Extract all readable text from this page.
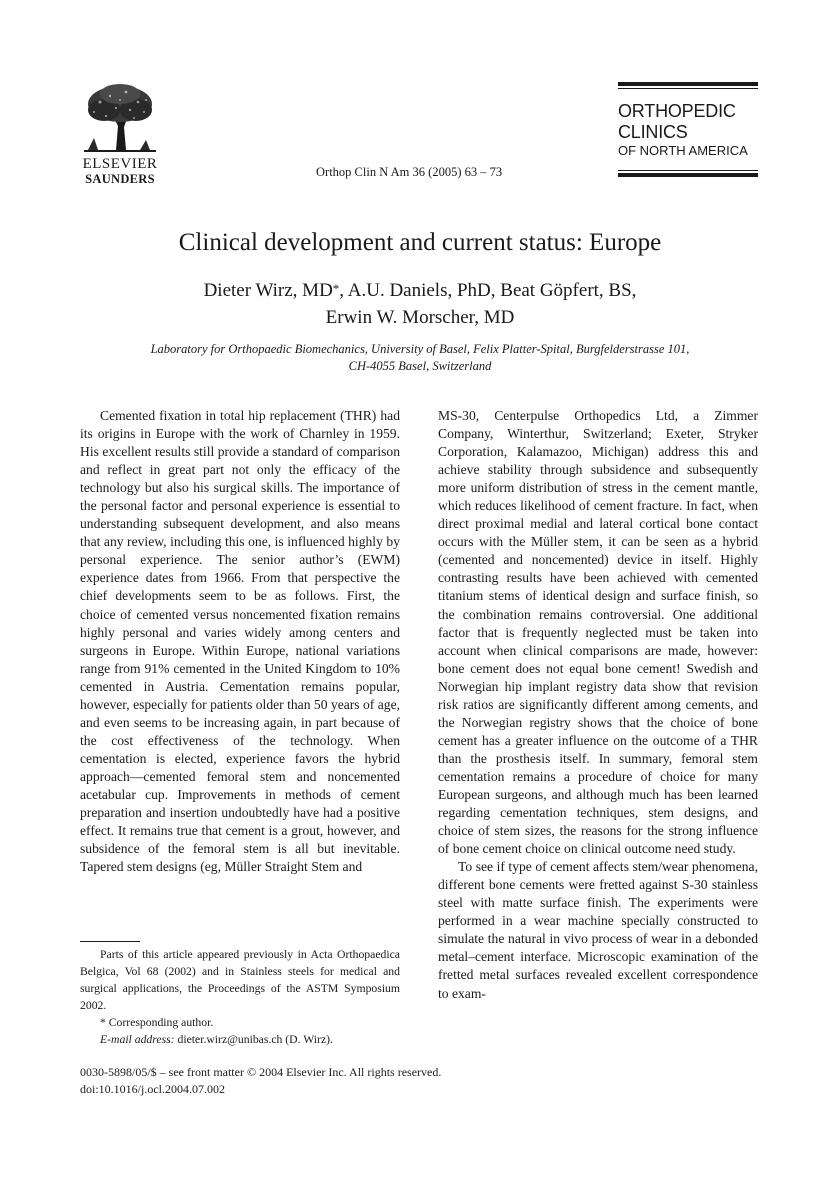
ELSEVIER
SAUNDERS	Orthop Clin N Am 36 (2005) 63 – 73
ORTHOPEDIC
CLINICS
OF NORTH AMERICA
Clinical development and current status: Europe
Dieter Wirz, MD*, A.U. Daniels, PhD, Beat Göpfert, BS,
Erwin W. Morscher, MD
Laboratory for Orthopaedic Biomechanics, University of Basel, Felix Platter-Spital, Burgfelderstrasse 101,
CH-4055 Basel, Switzerland

Cemented fixation in total hip replacement (THR) had its origins in Europe with the work of Charnley in 1959. His excellent results still provide a standard of comparison and reflect in great part not only the efficacy of the technology but also his surgical skills. The importance of the personal factor and personal experience is essential to understanding subsequent development, and also means that any review, including this one, is influenced highly by personal experience. The senior author’s (EWM) experience dates from 1966. From that perspective the chief developments seem to be as follows. First, the choice of cemented versus noncemented fixation remains highly personal and varies widely among centers and surgeons in Europe. Within Europe, national variations range from 91% cemented in the United Kingdom to 10% cemented in Austria. Cementation remains popular, however, especially for patients older than 50 years of age, and even seems to be increasing again, in part because of the cost effectiveness of the technology. When cementation is elected, experience favors the hybrid approach—cemented femoral stem and noncemented acetabular cup. Improvements in methods of cement preparation and insertion undoubtedly have had a positive effect. It remains true that cement is a grout, however, and subsidence of the femoral stem is all but inevitable. Tapered stem designs (eg, Müller Straight Stem and

MS-30, Centerpulse Orthopedics Ltd, a Zimmer Company, Winterthur, Switzerland; Exeter, Stryker Corporation, Kalamazoo, Michigan) address this and achieve stability through subsidence and subsequently more uniform distribution of stress in the cement mantle, which reduces likelihood of cement fracture. In fact, when direct proximal medial and lateral cortical bone contact occurs with the Müller stem, it can be seen as a hybrid (cemented and noncemented) device in itself. Highly contrasting results have been achieved with cemented titanium stems of identical design and surface finish, so the combination remains controversial. One additional factor that is frequently neglected must be taken into account when clinical comparisons are made, however: bone cement does not equal bone cement! Swedish and Norwegian hip implant registry data show that revision risk ratios are significantly different among cements, and the Norwegian registry shows that the choice of bone cement has a greater influence on the outcome of a THR than the prosthesis itself. In summary, femoral stem cementation remains a procedure of choice for many European surgeons, and although much has been learned regarding cementation techniques, stem designs, and choice of stem sizes, the reasons for the strong influence of bone cement choice on clinical outcome need study.

To see if type of cement affects stem/wear phenomena, different bone cements were fretted against S-30 stainless steel with matte surface finish. The experiments were performed in a wear machine specially constructed to simulate the natural in vivo process of wear in a debonded metal–cement interface. Microscopic examination of the fretted metal surfaces revealed excellent correspondence to exam-

Parts of this article appeared previously in Acta Orthopaedica Belgica, Vol 68 (2002) and in Stainless steels for medical and surgical applications, the Proceedings of the ASTM Symposium 2002.

* Corresponding author.

E-mail address: dieter.wirz@unibas.ch (D. Wirz).

0030-5898/05/$ – see front matter © 2004 Elsevier Inc. All rights reserved.
doi:10.1016/j.ocl.2004.07.002
